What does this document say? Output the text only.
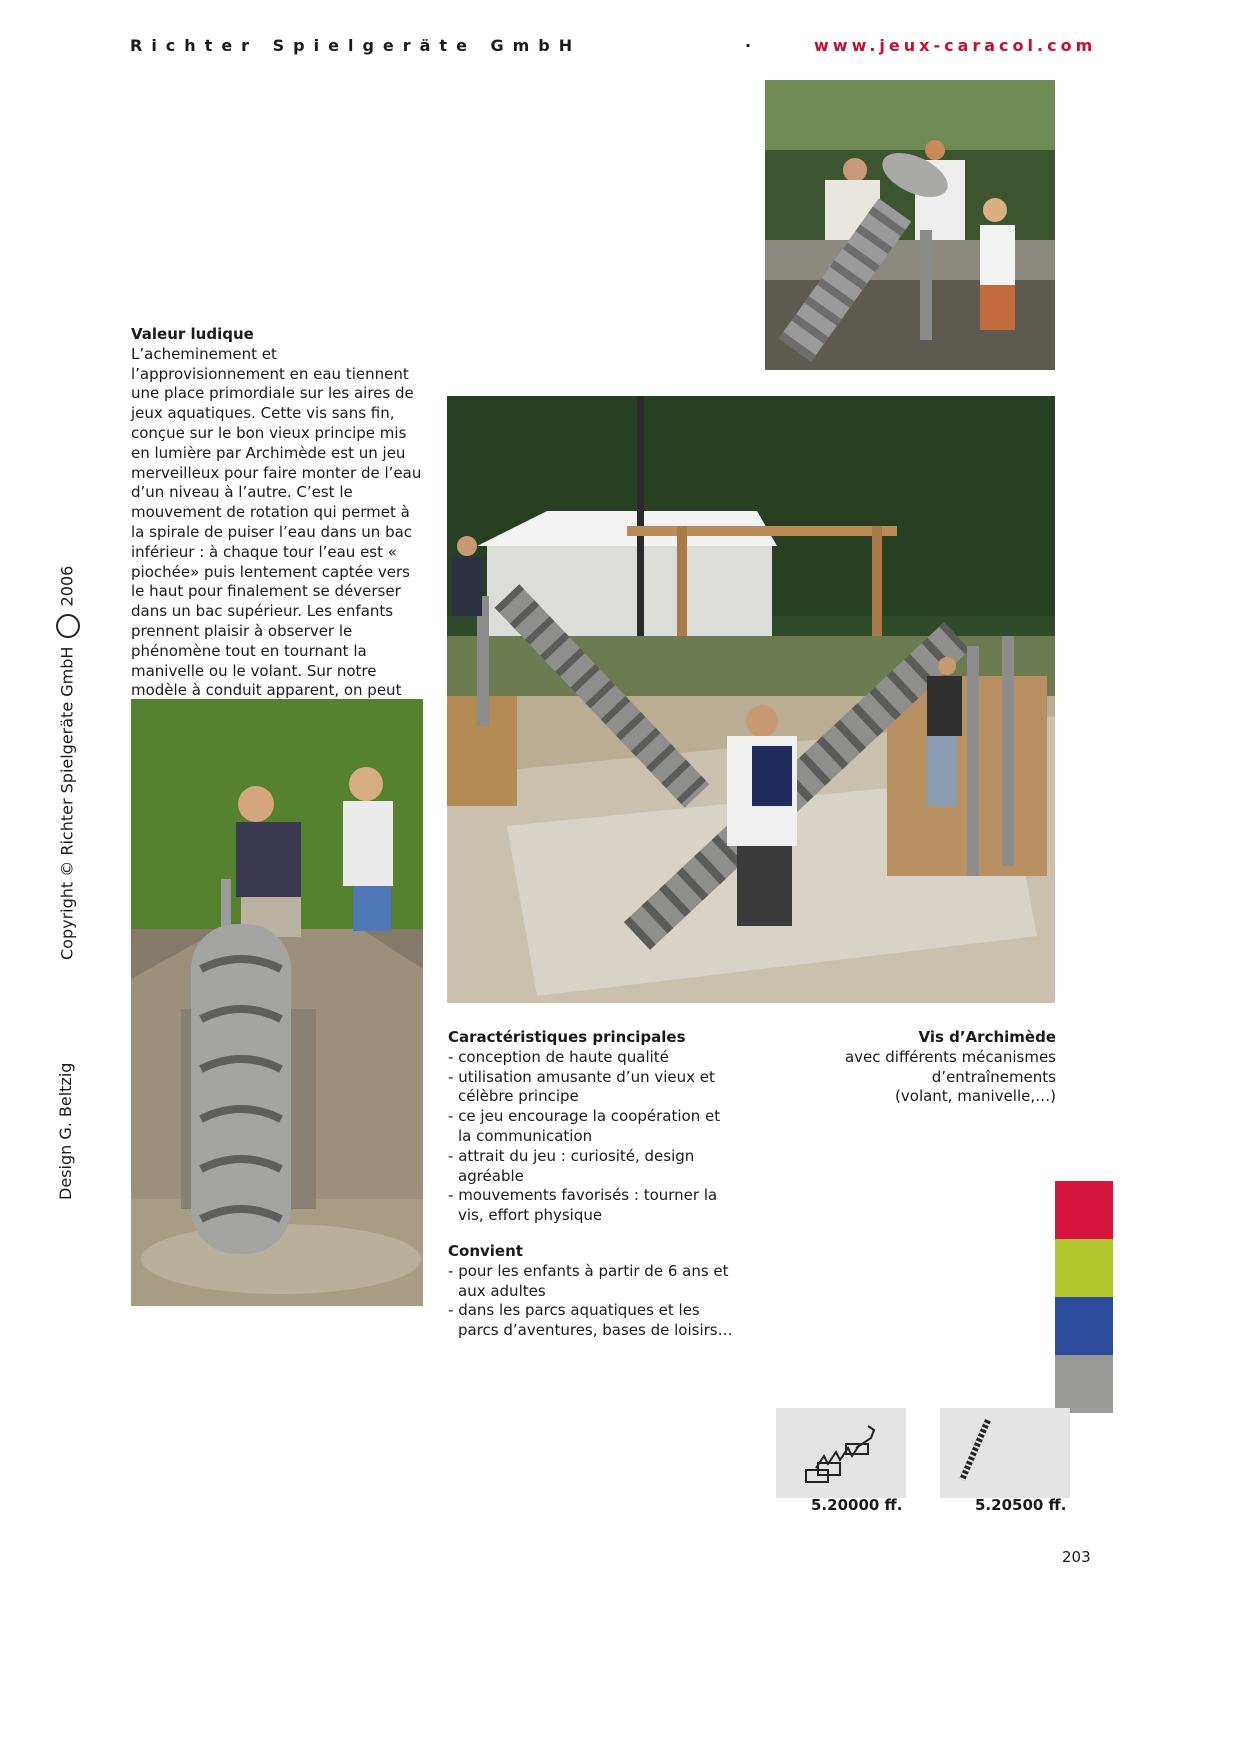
Richter Spielgeräte GmbH	·	www.jeux-caracol.com
Copyright © Richter Spielgeräte GmbH  2006
Design G. Beltzig
Valeur ludique

L’acheminement et l’approvisionnement en eau tiennent une place primordiale sur les aires de jeux aquatiques. Cette vis sans fin, conçue sur le bon vieux principe mis en lumière par Archimède est un jeu merveilleux pour faire monter de l’eau d’un niveau à l’autre. C’est le mouvement de rotation qui permet à la spirale de puiser l’eau dans un bac inférieur : à chaque tour l’eau est « piochée» puis lentement captée vers le haut pour finalement se déverser dans un bac supérieur. Les enfants prennent plaisir à observer le phénomène tout en tournant la manivelle ou le volant. Sur notre modèle à conduit apparent, on peut

Caractéristiques principales
- conception de haute qualité
- utilisation amusante d’un vieux et célèbre principe
- ce jeu encourage la coopération et la communication
- attrait du jeu : curiosité, design agréable
- mouvements favorisés : tourner la vis, effort physique
Convient
- pour les enfants à partir de 6 ans et aux adultes
- dans les parcs aquatiques et les parcs d’aventures, bases de loisirs…
Vis d’Archimède

avec différents mécanismes d’entraînements

(volant, manivelle,…)

5.20000 ff.	5.20500 ff.
203
